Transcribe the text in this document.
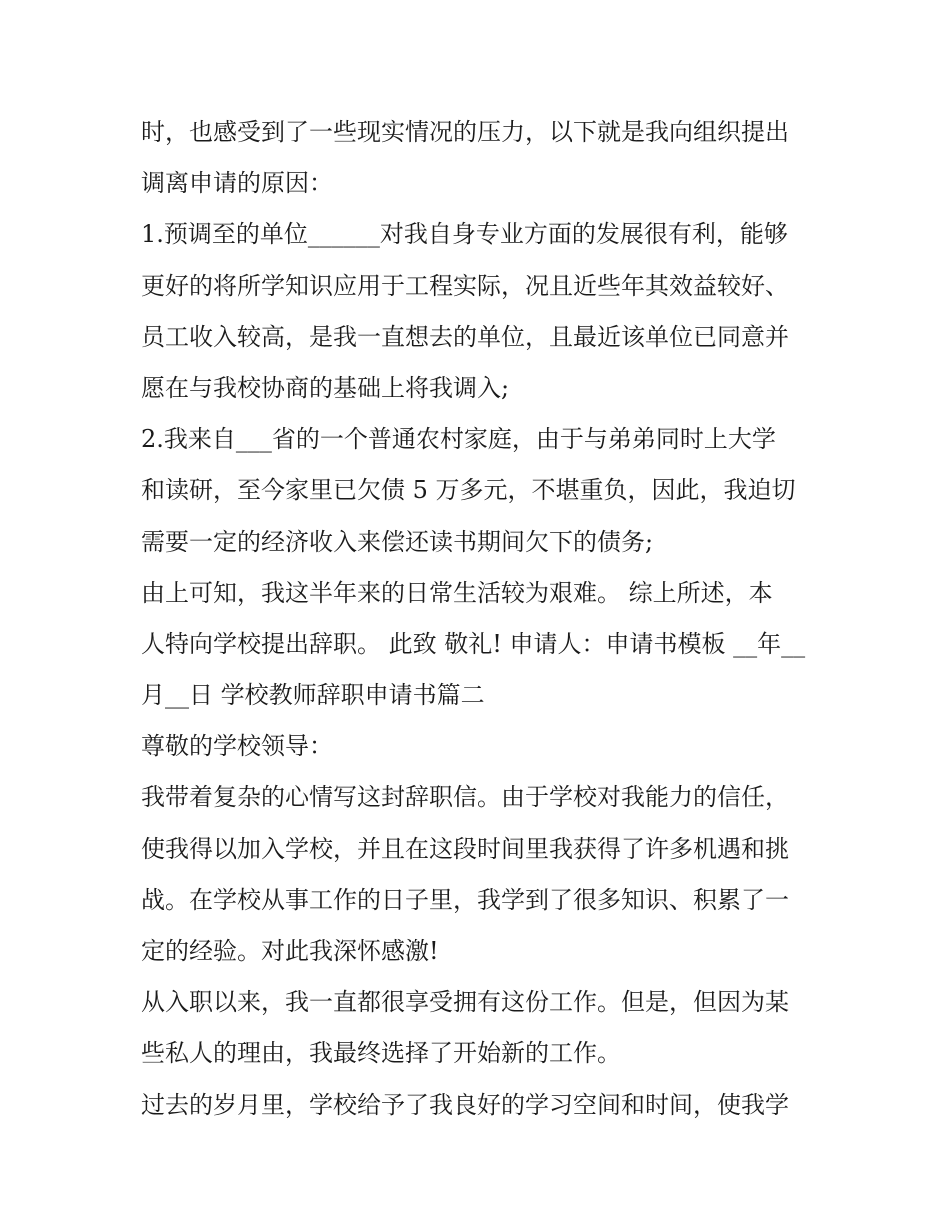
时，也感受到了一些现实情况的压力，以下就是我向组织提出
调离申请的原因：
1.预调至的单位______对我自身专业方面的发展很有利，能够
更好的将所学知识应用于工程实际，况且近些年其效益较好、
员工收入较高，是我一直想去的单位，且最近该单位已同意并
愿在与我校协商的基础上将我调入;
2.我来自___省的一个普通农村家庭，由于与弟弟同时上大学
和读研，至今家里已欠债 5 万多元，不堪重负，因此，我迫切
需要一定的经济收入来偿还读书期间欠下的债务;
由上可知，我这半年来的日常生活较为艰难。 综上所述，本
人特向学校提出辞职。 此致 敬礼! 申请人：申请书模板 __年__
月__日 学校教师辞职申请书篇二
尊敬的学校领导：
我带着复杂的心情写这封辞职信。由于学校对我能力的信任，
使我得以加入学校，并且在这段时间里我获得了许多机遇和挑
战。在学校从事工作的日子里，我学到了很多知识、积累了一
定的经验。对此我深怀感激!
从入职以来，我一直都很享受拥有这份工作。但是，但因为某
些私人的理由，我最终选择了开始新的工作。
过去的岁月里，学校给予了我良好的学习空间和时间，使我学
